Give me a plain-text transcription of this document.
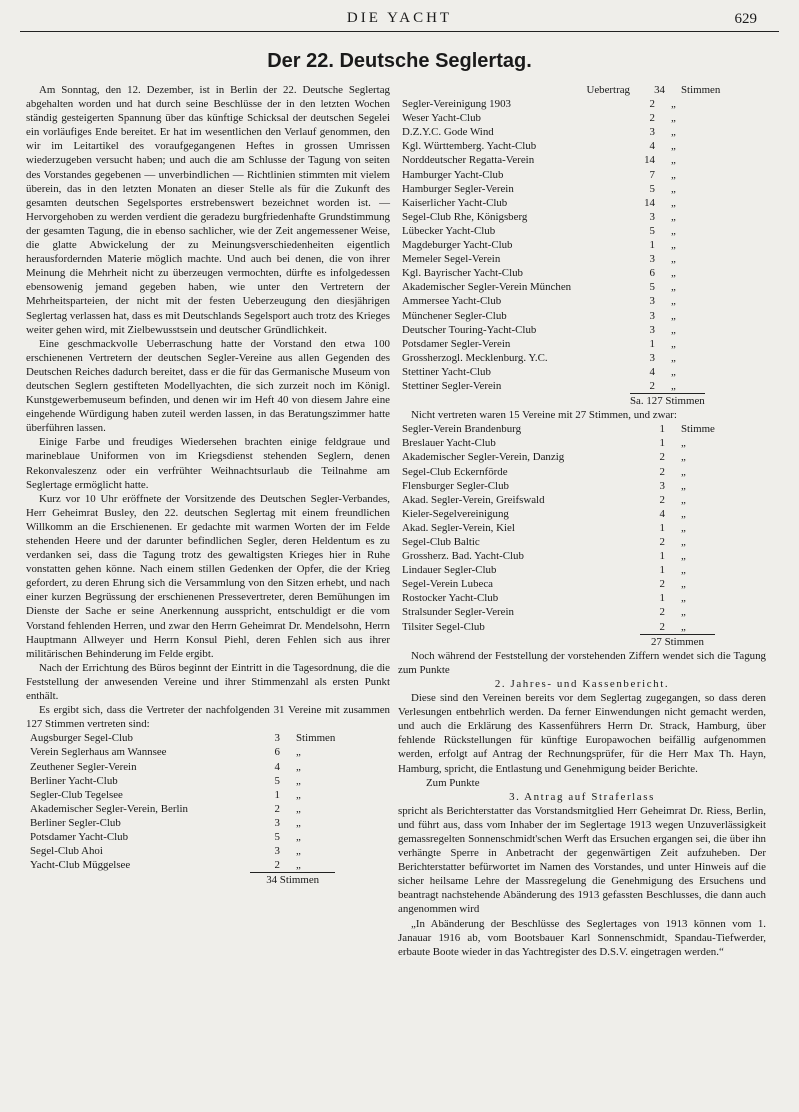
DIE YACHT	629
Der 22. Deutsche Seglertag.

Am Sonntag, den 12. Dezember, ist in Berlin der 22. Deutsche Seglertag abgehalten worden und hat durch seine Beschlüsse der in den letzten Wochen ständig gesteigerten Spannung über das künftige Schicksal der deutschen Segelei ein vorläufiges Ende bereitet. Er hat im wesentlichen den Verlauf genommen, den wir im Leitartikel des voraufgegangenen Heftes in grossen Umrissen wiederzugeben versucht haben; und auch die am Schlusse der Tagung von seiten des Vorstandes gegebenen — unverbindlichen — Richtlinien stimmten mit vielem überein, das in den letzten Monaten an dieser Stelle als für die Zukunft des gesamten deutschen Segelsportes erstrebenswert bezeichnet worden ist. — Hervorgehoben zu werden verdient die geradezu burgfriedenhafte Grundstimmung der gesamten Tagung, die in ebenso sachlicher, wie der Zeit angemessener Weise, die glatte Abwickelung der zu Meinungsverschiedenheiten eigentlich herausfordernden Materie möglich machte. Und auch bei denen, die von ihrer Meinung die Mehrheit nicht zu überzeugen vermochten, dürfte es infolgedessen ebensowenig jemand gegeben haben, wie unter den Vertretern der Mehrheitsparteien, der nicht mit der festen Ueberzeugung den diesjährigen Seglertag verlassen hat, dass es mit Deutschlands Segelsport auch trotz des Krieges weiter gehen wird, mit Zielbewusstsein und deutscher Gründlichkeit.

Eine geschmackvolle Ueberraschung hatte der Vorstand den etwa 100 erschienenen Vertretern der deutschen Segler-Vereine aus allen Gegenden des Deutschen Reiches dadurch bereitet, dass er die für das Germanische Museum von deutschen Seglern gestifteten Modellyachten, die sich zurzeit noch im Königl. Kunstgewerbemuseum befinden, und denen wir im Heft 40 von diesem Jahre eine eingehende Würdigung haben zuteil werden lassen, in das Beratungszimmer hatte überführen lassen.

Einige Farbe und freudiges Wiedersehen brachten einige feldgraue und marineblaue Uniformen von im Kriegsdienst stehenden Seglern, denen Rekonvaleszenz oder ein verfrühter Weihnachtsurlaub die Teilnahme am Seglertage ermöglicht hatte.

Kurz vor 10 Uhr eröffnete der Vorsitzende des Deutschen Segler-Verbandes, Herr Geheimrat Busley, den 22. deutschen Seglertag mit einem freundlichen Willkomm an die Erschienenen. Er gedachte mit warmen Worten der im Felde stehenden Heere und der darunter befindlichen Segler, deren Heldentum es zu verdanken sei, dass die Tagung trotz des gewaltigsten Krieges hier in Ruhe vonstatten gehen könne. Nach einem stillen Gedenken der Opfer, die der Krieg gefordert, zu deren Ehrung sich die Versammlung von den Sitzen erhebt, und nach einer kurzen Begrüssung der erschienenen Pressevertreter, deren Bemühungen im Dienste der Sache er seine Anerkennung ausspricht, entschuldigt er die vom Vorstand fehlenden Herren, und zwar den Herrn Geheimrat Dr. Mendelsohn, Herrn Hauptmann Allweyer und Herrn Konsul Piehl, deren Fehlen sich aus ihrer militärischen Behinderung im Felde ergibt.

Nach der Errichtung des Büros beginnt der Eintritt in die Tagesordnung, die die Feststellung der anwesenden Vereine und ihrer Stimmenzahl als ersten Punkt enthält.

Es ergibt sich, dass die Vertreter der nachfolgenden 31 Vereine mit zusammen 127 Stimmen vertreten sind:

Augsburger Segel-Club	3	Stimmen
Verein Seglerhaus am Wannsee	6	„
Zeuthener Segler-Verein	4	„
Berliner Yacht-Club	5	„
Segler-Club Tegelsee	1	„
Akademischer Segler-Verein, Berlin	2	„
Berliner Segler-Club	3	„
Potsdamer Yacht-Club	5	„
Segel-Club Ahoi	3	„
Yacht-Club Müggelsee	2	„
	34 Stimmen	
Uebertrag	34	Stimmen
Segler-Vereinigung 1903	2	„
Weser Yacht-Club	2	„
D.Z.Y.C. Gode Wind	3	„
Kgl. Württemberg. Yacht-Club	4	„
Norddeutscher Regatta-Verein	14	„
Hamburger Yacht-Club	7	„
Hamburger Segler-Verein	5	„
Kaiserlicher Yacht-Club	14	„
Segel-Club Rhe, Königsberg	3	„
Lübecker Yacht-Club	5	„
Magdeburger Yacht-Club	1	„
Memeler Segel-Verein	3	„
Kgl. Bayrischer Yacht-Club	6	„
Akademischer Segler-Verein München	5	„
Ammersee Yacht-Club	3	„
Münchener Segler-Club	3	„
Deutscher Touring-Yacht-Club	3	„
Potsdamer Segler-Verein	1	„
Grossherzogl. Mecklenburg. Y.C.	3	„
Stettiner Yacht-Club	4	„
Stettiner Segler-Verein	2	„
	Sa. 127 Stimmen	

Nicht vertreten waren 15 Vereine mit 27 Stimmen, und zwar:

Segler-Verein Brandenburg	1	Stimme
Breslauer Yacht-Club	1	„
Akademischer Segler-Verein, Danzig	2	„
Segel-Club Eckernförde	2	„
Flensburger Segler-Club	3	„
Akad. Segler-Verein, Greifswald	2	„
Kieler-Segelvereinigung	4	„
Akad. Segler-Verein, Kiel	1	„
Segel-Club Baltic	2	„
Grossherz. Bad. Yacht-Club	1	„
Lindauer Segler-Club	1	„
Segel-Verein Lubeca	2	„
Rostocker Yacht-Club	1	„
Stralsunder Segler-Verein	2	„
Tilsiter Segel-Club	2	„
	27 Stimmen	

Noch während der Feststellung der vorstehenden Ziffern wendet sich die Tagung zum Punkte

2. Jahres- und Kassenbericht.

Diese sind den Vereinen bereits vor dem Seglertag zugegangen, so dass deren Verlesungen entbehrlich werden. Da ferner Einwendungen nicht gemacht werden, und auch die Erklärung des Kassenführers Herrn Dr. Strack, Hamburg, über fehlende Rückstellungen für künftige Europawochen beifällig aufgenommen werden, erfolgt auf Antrag der Rechnungsprüfer, für die Herr Max Th. Hayn, Hamburg, spricht, die Entlastung und Genehmigung beider Berichte.

Zum Punkte
3. Antrag auf Straferlass

spricht als Berichterstatter das Vorstandsmitglied Herr Geheimrat Dr. Riess, Berlin, und führt aus, dass vom Inhaber der im Seglertage 1913 wegen Unzuverlässigkeit gemassregelten Sonnenschmidt'schen Werft das Ersuchen ergangen sei, die über ihn verhängte Sperre in Anbetracht der gegenwärtigen Zeit aufzuheben. Der Berichterstatter befürwortet im Namen des Vorstandes, und unter Hinweis auf die sicher heilsame Lehre der Massregelung die Genehmigung des Ersuchens und beantragt nachstehende Abänderung des 1913 gefassten Beschlusses, die dann auch angenommen wird

„In Abänderung der Beschlüsse des Seglertages von 1913 können vom 1. Janauar 1916 ab, vom Bootsbauer Karl Sonnenschmidt, Spandau-Tiefwerder, erbaute Boote wieder in das Yachtregister des D.S.V. eingetragen werden.“
